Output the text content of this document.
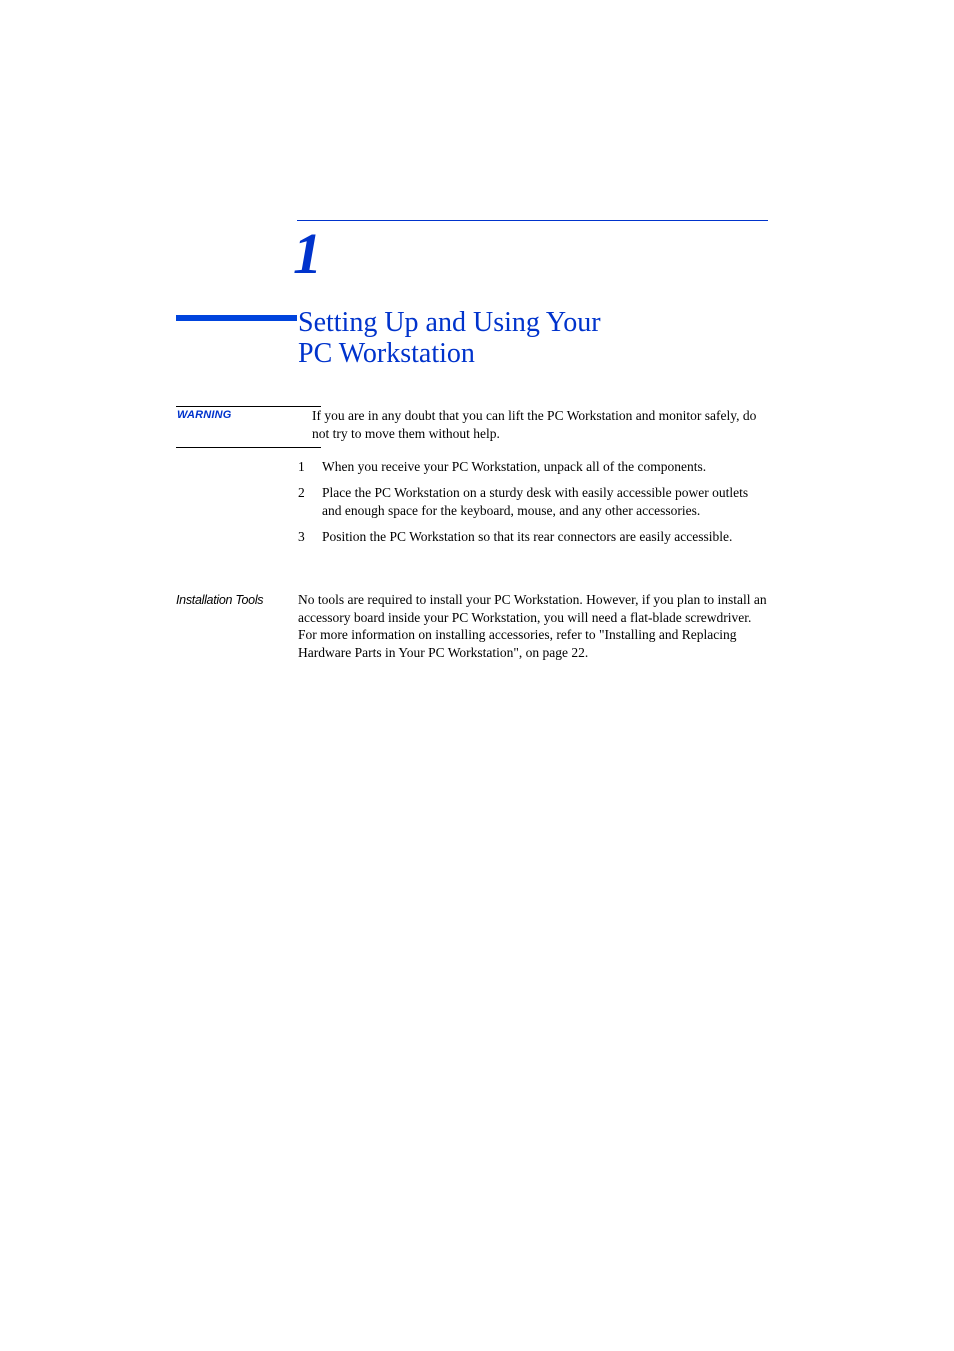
1
Setting Up and Using Your
PC Workstation
WARNING	If you are in any doubt that you can lift the PC Workstation and monitor safely, do not try to move them without help.
1 When you receive your PC Workstation, unpack all of the components.
2 Place the PC Workstation on a sturdy desk with easily accessible power outlets and enough space for the keyboard, mouse, and any other accessories.
3 Position the PC Workstation so that its rear connectors are easily accessible.
Installation Tools	No tools are required to install your PC Workstation. However, if you plan to install an accessory board inside your PC Workstation, you will need a flat-blade screwdriver. For more information on installing accessories, refer to "Installing and Replacing Hardware Parts in Your PC Workstation", on page 22.
